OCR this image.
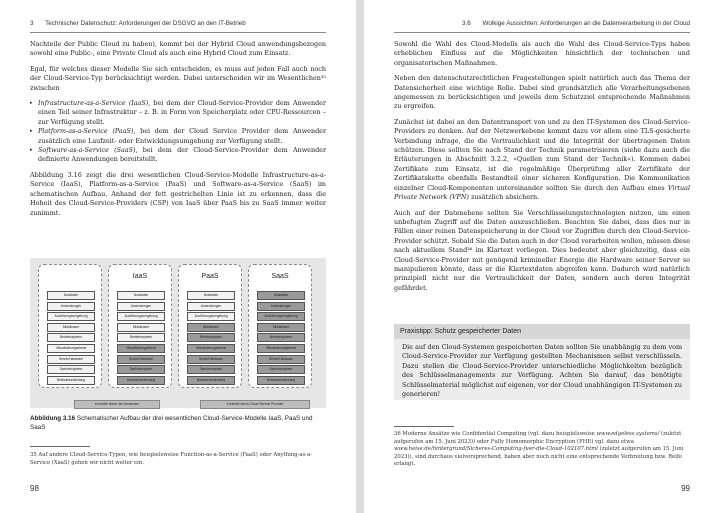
3 Technischer Datenschutz: Anforderungen der DSGVO an den IT-Betrieb

Nachteile der Public Cloud zu haben), kommt bei der Hybrid Cloud anwendungsbezogen sowohl eine Public-, eine Private Cloud als auch eine Hybrid Cloud zum Einsatz.

Egal, für welches dieser Modelle Sie sich entscheiden, es muss auf jeden Fall auch noch der Cloud-Service-Typ berücksichtigt werden. Dabei unterscheiden wir im Wesentlichen³⁵ zwischen

▸ Infrastructure-as-a-Service (IaaS), bei dem der Cloud-Service-Provider dem Anwender einen Teil seiner Infrastruktur – z. B. in Form von Speicherplatz oder CPU-Ressourcen – zur Verfügung stellt.
▸ Platform-as-a-Service (PaaS), bei dem der Cloud Service Provider dem Anwender zusätzlich eine Laufzeit- oder Entwicklungsumgebung zur Verfügung stellt.
▸ Software-as-a-Service (SaaS), bei dem der Cloud-Service-Provider dem Anwender definierte Anwendungen bereitstellt.

Abbildung 3.16 zeigt die drei wesentlichen Cloud-Service-Modelle Infrastructure-as-a-Service (IaaS), Platform-as-a-Service (PaaS) und Software-as-a-Service (SaaS) im schematischen Aufbau. Anhand der fett gestrichelten Linie ist zu erkennen, dass die Hoheit des Cloud-Service-Providers (CSP) von IaaS über PaaS bis zu SaaS immer weiter zunimmt.

Nutzdaten
Anwendungen
Ausführungsumgebung
Middleware
Betriebssystem
Virtualisierungsebene
Server/Hardware
Speichersystem
Netzwerkanbindung
IaaS
Nutzdaten
Anwendungen
Ausführungsumgebung
Middleware
Betriebssystem
Virtualisierungsebene
Server/Hardware
Speichersystem
Netzwerkanbindung
PaaS
Nutzdaten
Anwendungen
Ausführungsumgebung
Middleware
Betriebssystem
Virtualisierungsebene
Server/Hardware
Speichersystem
Netzwerkanbindung
SaaS
Nutzdaten
Anwendungen
Ausführungsumgebung
Middleware
Betriebssystem
Virtualisierungsebene
Server/Hardware
Speichersystem
Netzwerkanbindung
Kontrolle durch den Anwender	Kontrolle durch Cloud Service Provider
Abbildung 3.16 Schematischer Aufbau der drei wesentlichen Cloud-Service-Modelle IaaS, PaaS und SaaS
35 Auf andere Cloud-Service-Typen, wie beispielsweise Function-as-a-Service (FaaS) oder Anything-as-a-Service (XaaS) gehen wir nicht weiter ein.
98
3.6 Wolkige Aussichten: Anforderungen an die Datenverarbeitung in der Cloud

Sowohl die Wahl des Cloud-Modells als auch die Wahl des Cloud-Service-Typs haben erheblichen Einfluss auf die Möglichkeiten hinsichtlich der technischen und organisatorischen Maßnahmen.

Neben den datenschutzrechtlichen Fragestellungen spielt natürlich auch das Thema der Datensicherheit eine wichtige Rolle. Dabei sind grundsätzlich alle Verarbeitungsebenen angemessen zu berücksichtigen und jeweils dem Schutzziel entsprechende Maßnahmen zu ergreifen.

Zunächst ist dabei an den Datentransport von und zu den IT-Systemen des Cloud-Service-Providers zu denken. Auf der Netzwerkebene kommt dazu vor allem eine TLS-gesicherte Verbindung infrage, die die Vertraulichkeit und die Integrität der übertragenen Daten schützen. Diese sollten Sie nach Stand der Technik parametrisieren (siehe dazu auch die Erläuterungen in Abschnitt 3.2.2, »Quellen zum Stand der Technik«). Kommen dabei Zertifikate zum Einsatz, ist die regelmäßige Überprüfung aller Zertifikate der Zertifikatskette ebenfalls Bestandteil einer sicheren Konfiguration. Die Kommunikation einzelner Cloud-Komponenten untereinander sollten Sie durch den Aufbau eines Virtual Private Network (VPN) zusätzlich absichern.

Auch auf der Datenebene sollten Sie Verschlüsselungstechnologien nutzen, um einen unbefugten Zugriff auf die Daten auszuschließen. Beachten Sie dabei, dass dies nur in Fällen einer reinen Datenspeicherung in der Cloud vor Zugriffen durch den Cloud-Service-Provider schützt. Sobald Sie die Daten auch in der Cloud verarbeiten wollen, müssen diese nach aktuellem Stand³⁶ im Klartext vorliegen. Dies bedeutet aber gleichzeitig, dass ein Cloud-Service-Provider mit genügend krimineller Energie die Hardware seiner Server so manipulieren könnte, dass er die Klartextdaten abgreifen kann. Dadurch wird natürlich prinzipiell nicht nur die Vertraulichkeit der Daten, sondern auch deren Integrität gefährdet.

Praxistipp: Schutz gespeicherter Daten
Die auf den Cloud-Systemen gespeicherten Daten sollten Sie unabhängig zu dem vom Cloud-Service-Provider zur Verfügung gestellten Mechanismen selbst verschlüsseln. Dazu stellen die Cloud-Service-Provider unterschiedliche Möglichkeiten bezüglich des Schlüsselmanagements zur Verfügung. Achten Sie darauf, das benötigte Schlüsselmaterial möglichst auf eigenen, vor der Cloud unabhängigen IT-Systemen zu generieren!
36 Moderne Ansätze wie Confidential Computing (vgl. dazu beispielsweise www.edgeless.systems/ (zuletzt aufgerufen am 15. Juni 2023)) oder Fully Homomorphic Encryption (FHE) vgl. dazu etwa www.heise.de/hintergrund/Sicheres-Computing-fuer-die-Cloud-102107.html (zuletzt aufgerufen am 15. Juni 2023)), sind durchaus vielversprechend, haben aber noch nicht eine entsprechende Verbreitung bzw. Reife erlangt.
99
